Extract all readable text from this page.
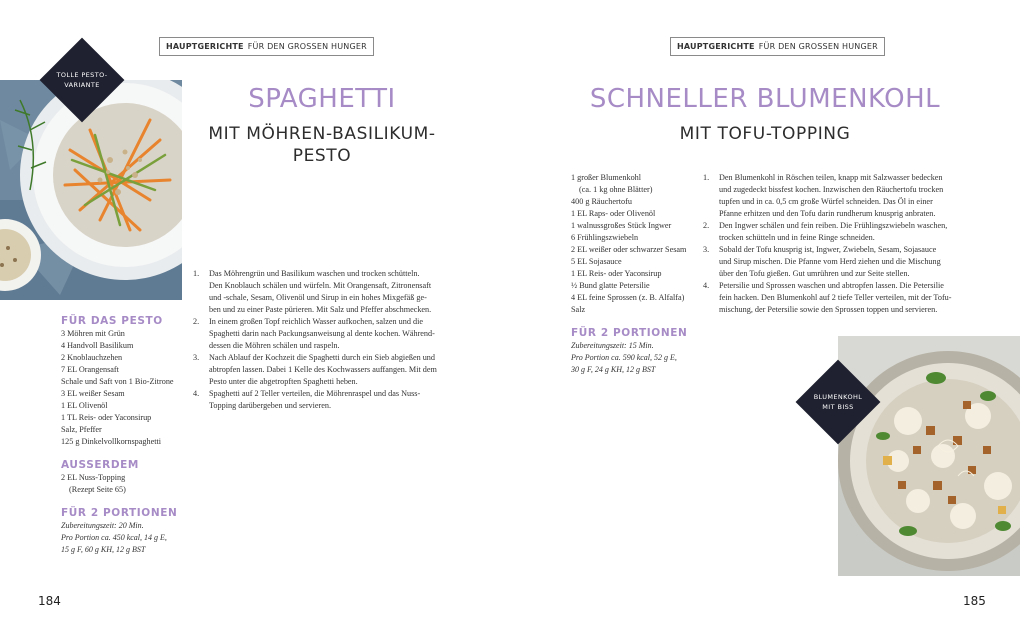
HAUPTGERICHTE FÜR DEN GROSSEN HUNGER
TOLLE PESTO-
VARIANTE	SPAGHETTI
MIT MÖHREN-BASILIKUM-
PESTO
FÜR DAS PESTO
3 Möhren mit Grün
4 Handvoll Basilikum
2 Knoblauchzehen
7 EL Orangensaft
Schale und Saft von 1 Bio-Zitrone
3 EL weißer Sesam
1 EL Olivenöl
1 TL Reis- oder Yaconsirup
Salz, Pfeffer
125 g Dinkelvollkornspaghetti
AUSSERDEM
2 EL Nuss-Topping
(Rezept Seite 65)
FÜR 2 PORTIONEN
Zubereitungszeit: 20 Min.
Pro Portion ca. 450 kcal, 14 g E,
15 g F, 60 g KH, 12 g BST
1.	Das Möhrengrün und Basilikum waschen und trocken schütteln.
Den Knoblauch schälen und würfeln. Mit Orangensaft, Zitronensaft
und -schale, Sesam, Olivenöl und Sirup in ein hohes Mixgefäß ge-
ben und zu einer Paste pürieren. Mit Salz und Pfeffer abschmecken.
2.	In einem großen Topf reichlich Wasser aufkochen, salzen und die
Spaghetti darin nach Packungsanweisung al dente kochen. Während-
dessen die Möhren schälen und raspeln.
3.	Nach Ablauf der Kochzeit die Spaghetti durch ein Sieb abgießen und
abtropfen lassen. Dabei 1 Kelle des Kochwassers auffangen. Mit dem
Pesto unter die abgetropften Spaghetti heben.
4.	Spaghetti auf 2 Teller verteilen, die Möhrenraspel und das Nuss-
Topping darübergeben und servieren.
184
HAUPTGERICHTE FÜR DEN GROSSEN HUNGER
SCHNELLER BLUMENKOHL
MIT TOFU-TOPPING
1 großer Blumenkohl
(ca. 1 kg ohne Blätter)
400 g Räuchertofu
1 EL Raps- oder Olivenöl
1 walnussgroßes Stück Ingwer
6 Frühlingszwiebeln
2 EL weißer oder schwarzer Sesam
5 EL Sojasauce
1 EL Reis- oder Yaconsirup
½ Bund glatte Petersilie
4 EL feine Sprossen (z. B. Alfalfa)
Salz
FÜR 2 PORTIONEN
Zubereitungszeit: 15 Min.
Pro Portion ca. 590 kcal, 52 g E,
30 g F, 24 g KH, 12 g BST
1.	Den Blumenkohl in Röschen teilen, knapp mit Salzwasser bedecken
und zugedeckt bissfest kochen. Inzwischen den Räuchertofu trocken
tupfen und in ca. 0,5 cm große Würfel schneiden. Das Öl in einer
Pfanne erhitzen und den Tofu darin rundherum knusprig anbraten.
2.	Den Ingwer schälen und fein reiben. Die Frühlingszwiebeln waschen,
trocken schütteln und in feine Ringe schneiden.
3.	Sobald der Tofu knusprig ist, Ingwer, Zwiebeln, Sesam, Sojasauce
und Sirup mischen. Die Pfanne vom Herd ziehen und die Mischung
über den Tofu gießen. Gut umrühren und zur Seite stellen.
4.	Petersilie und Sprossen waschen und abtropfen lassen. Die Petersilie
fein hacken. Den Blumenkohl auf 2 tiefe Teller verteilen, mit der Tofu-
mischung, der Petersilie sowie den Sprossen toppen und servieren.
BLUMENKOHL
MIT BISS
185
